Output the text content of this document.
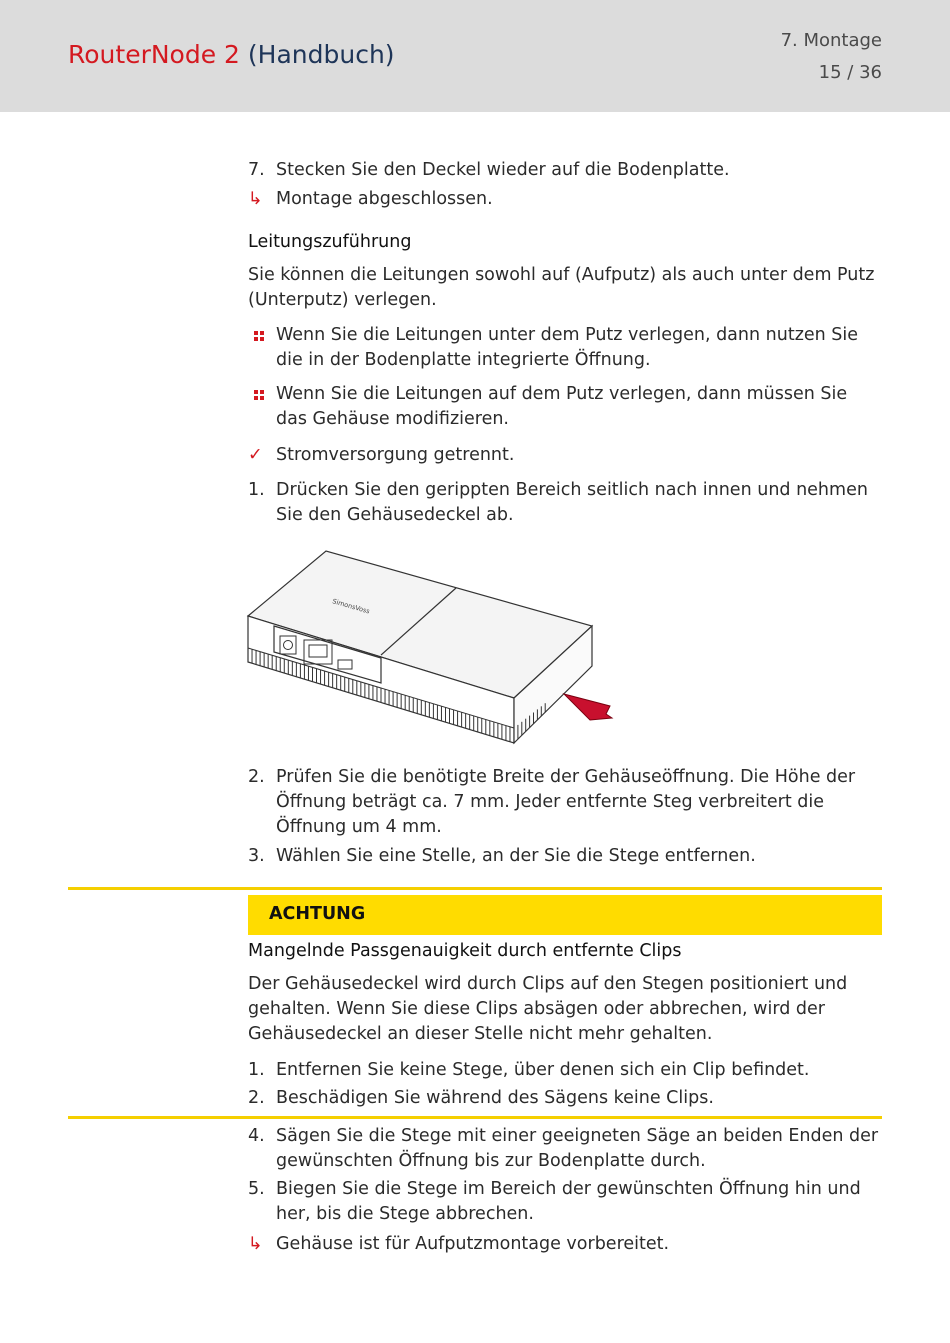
RouterNode 2 (Handbuch)	7. Montage
15 / 36
7. Stecken Sie den Deckel wieder auf die Bodenplatte.
↳ Montage abgeschlossen.
Leitungszuführung
Sie können die Leitungen sowohl auf (Aufputz) als auch unter dem Putz (Unterputz) verlegen.
Wenn Sie die Leitungen unter dem Putz verlegen, dann nutzen Sie die in der Bodenplatte integrierte Öffnung.
Wenn Sie die Leitungen auf dem Putz verlegen, dann müssen Sie das Gehäuse modifizieren.
✓ Stromversorgung getrennt.
1. Drücken Sie den gerippten Bereich seitlich nach innen und nehmen Sie den Gehäusedeckel ab.
SimonsVoss
2. Prüfen Sie die benötigte Breite der Gehäuseöffnung. Die Höhe der Öffnung beträgt ca. 7 mm. Jeder entfernte Steg verbreitert die Öffnung um 4 mm.
3. Wählen Sie eine Stelle, an der Sie die Stege entfernen.
ACHTUNG
Mangelnde Passgenauigkeit durch entfernte Clips
Der Gehäusedeckel wird durch Clips auf den Stegen positioniert und gehalten. Wenn Sie diese Clips absägen oder abbrechen, wird der Gehäusedeckel an dieser Stelle nicht mehr gehalten.
1. Entfernen Sie keine Stege, über denen sich ein Clip befindet.
2. Beschädigen Sie während des Sägens keine Clips.
4. Sägen Sie die Stege mit einer geeigneten Säge an beiden Enden der gewünschten Öffnung bis zur Bodenplatte durch.
5. Biegen Sie die Stege im Bereich der gewünschten Öffnung hin und her, bis die Stege abbrechen.
↳ Gehäuse ist für Aufputzmontage vorbereitet.
